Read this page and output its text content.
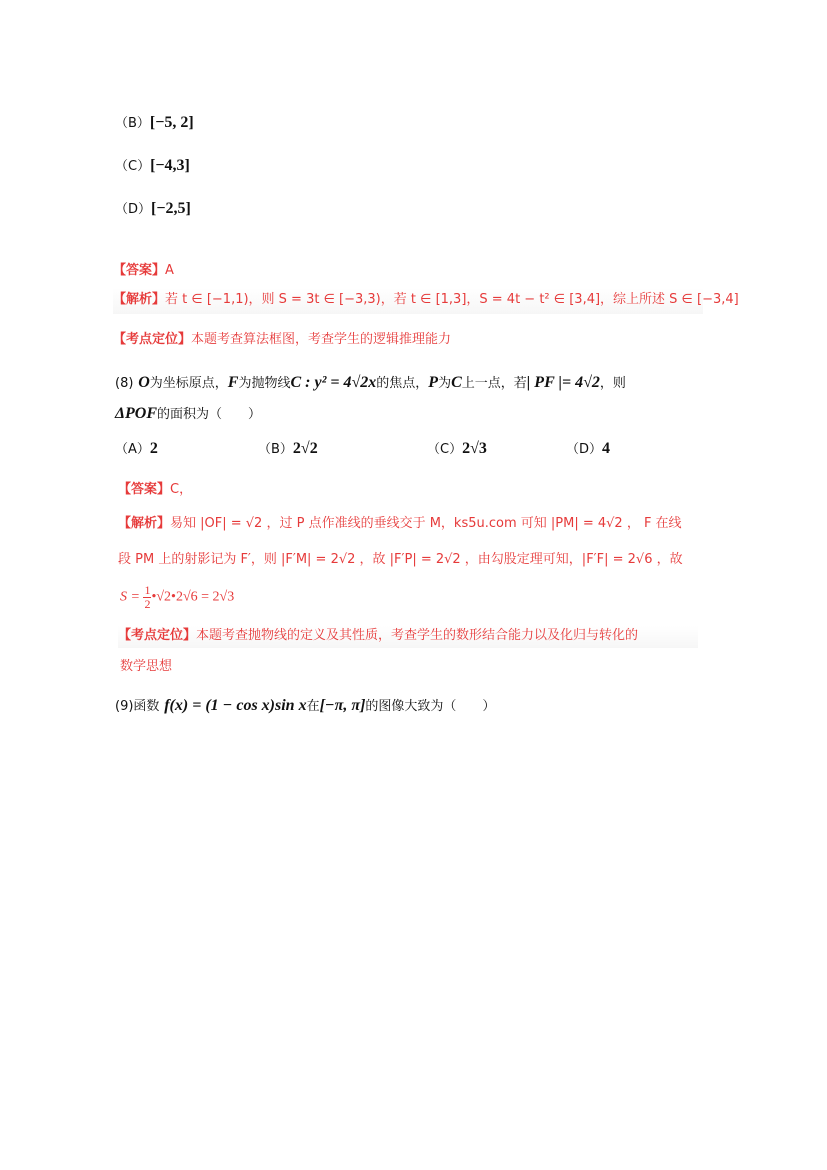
（B）[−5, 2]
（C）[−4,3]
（D）[−2,5]
【答案】A
【解析】若 t ∈ [−1,1)，则 S = 3t ∈ [−3,3)，若 t ∈ [1,3]，S = 4t − t² ∈ [3,4]，综上所述 S ∈ [−3,4]
【考点定位】本题考查算法框图，考查学生的逻辑推理能力
(8) O为坐标原点，F为抛物线C : y² = 4√2x的焦点，P为C上一点，若| PF |= 4√2，则
ΔPOF的面积为（　　）
（A）2	（B）2√2	（C）2√3	（D）4
【答案】C，
【解析】易知 |OF| = √2 ，过 P 点作准线的垂线交于 M，ks5u.com 可知 |PM| = 4√2 ， F 在线
段 PM 上的射影记为 F′，则 |F′M| = 2√2 ，故 |F′P| = 2√2 ，由勾股定理可知，|F′F| = 2√6 ，故
$S = \frac{1}{2}$ •√2•2√6 = 2√3
【考点定位】本题考查抛物线的定义及其性质，考查学生的数形结合能力以及化归与转化的
数学思想
(9)函数 f(x) = (1 − cos x)sin x在[−π, π]的图像大致为（　　）
